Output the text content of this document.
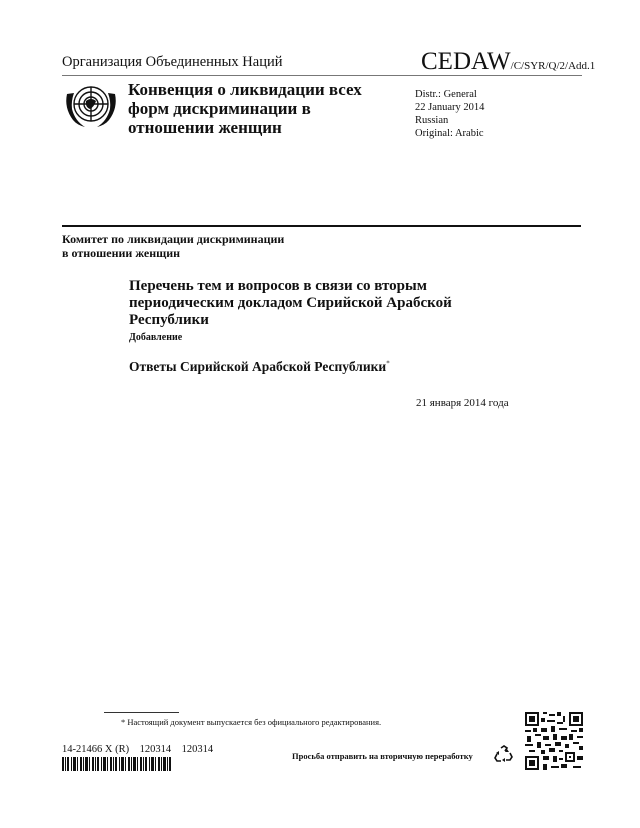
Организация Объединенных Наций	CEDAW/C/SYR/Q/2/Add.1
Конвенция о ликвидации всех
форм дискриминации в
отношении женщин
Distr.: General
22 January 2014
Russian
Original: Arabic
Комитет по ликвидации дискриминации
в отношении женщин
Перечень тем и вопросов в связи со вторым
периодическим докладом Сирийской Арабской
Республики
Добавление
Ответы Сирийской Арабской Республики*
21 января 2014 года
* Настоящий документ выпускается без официального редактирования.
14-21466 X (R)    120314    120314
Просьба отправить на вторичную переработку
